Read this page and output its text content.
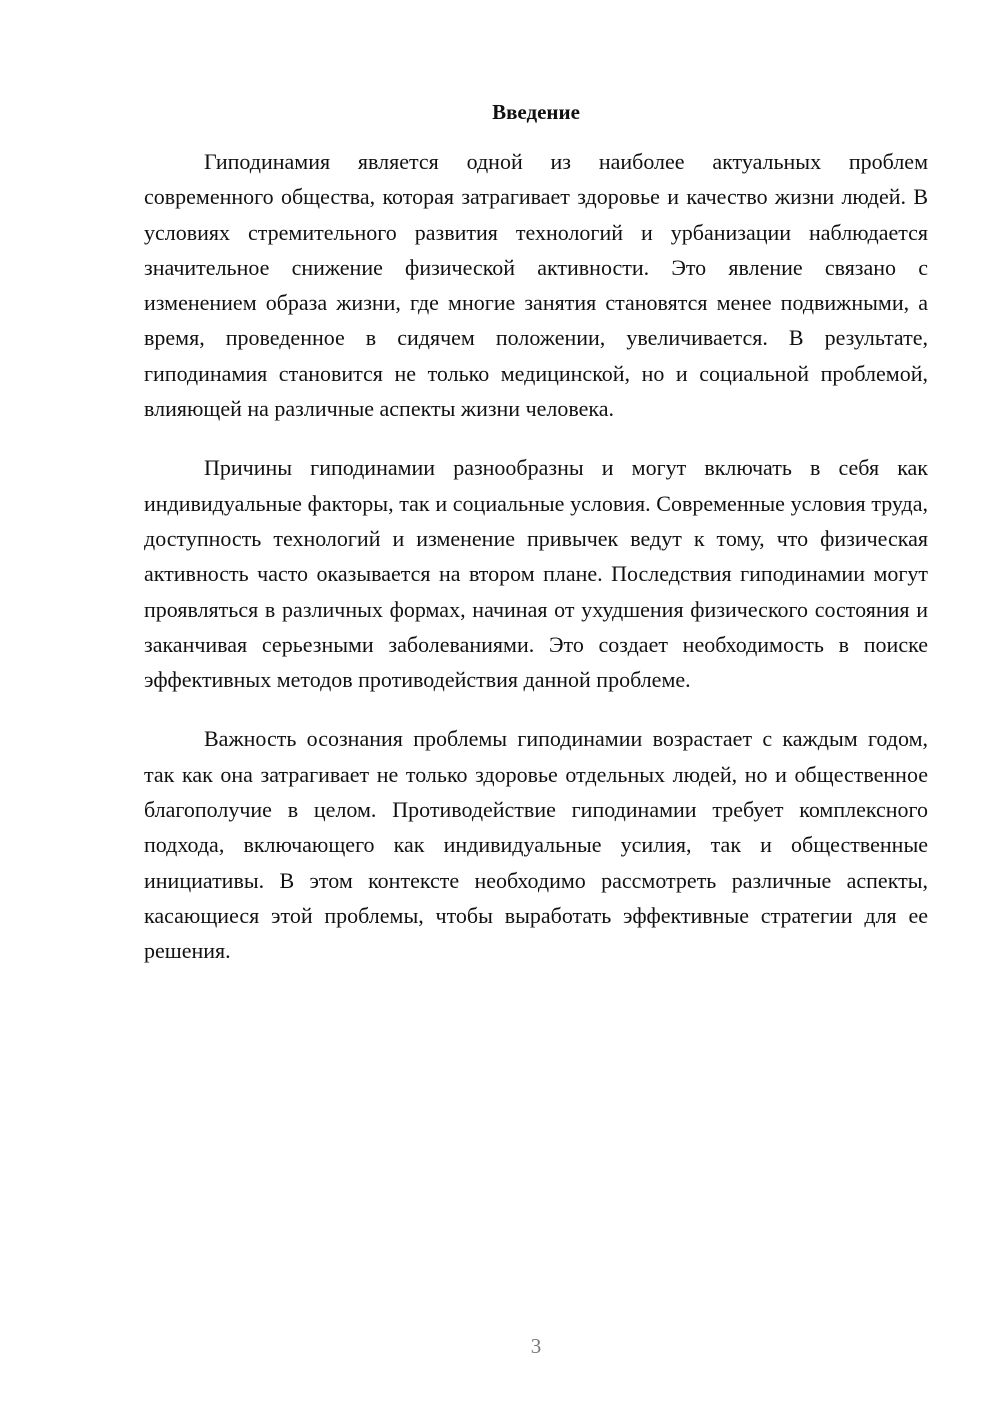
Введение

Гиподинамия является одной из наиболее актуальных проблем современного общества, которая затрагивает здоровье и качество жизни людей. В условиях стремительного развития технологий и урбанизации наблюдается значительное снижение физической активности. Это явление связано с изменением образа жизни, где многие занятия становятся менее подвижными, а время, проведенное в сидячем положении, увеличивается. В результате, гиподинамия становится не только медицинской, но и социальной проблемой, влияющей на различные аспекты жизни человека.

Причины гиподинамии разнообразны и могут включать в себя как индивидуальные факторы, так и социальные условия. Современные условия труда, доступность технологий и изменение привычек ведут к тому, что физическая активность часто оказывается на втором плане. Последствия гиподинамии могут проявляться в различных формах, начиная от ухудшения физического состояния и заканчивая серьезными заболеваниями. Это создает необходимость в поиске эффективных методов противодействия данной проблеме.

Важность осознания проблемы гиподинамии возрастает с каждым годом, так как она затрагивает не только здоровье отдельных людей, но и общественное благополучие в целом. Противодействие гиподинамии требует комплексного подхода, включающего как индивидуальные усилия, так и общественные инициативы. В этом контексте необходимо рассмотреть различные аспекты, касающиеся этой проблемы, чтобы выработать эффективные стратегии для ее решения.

3
